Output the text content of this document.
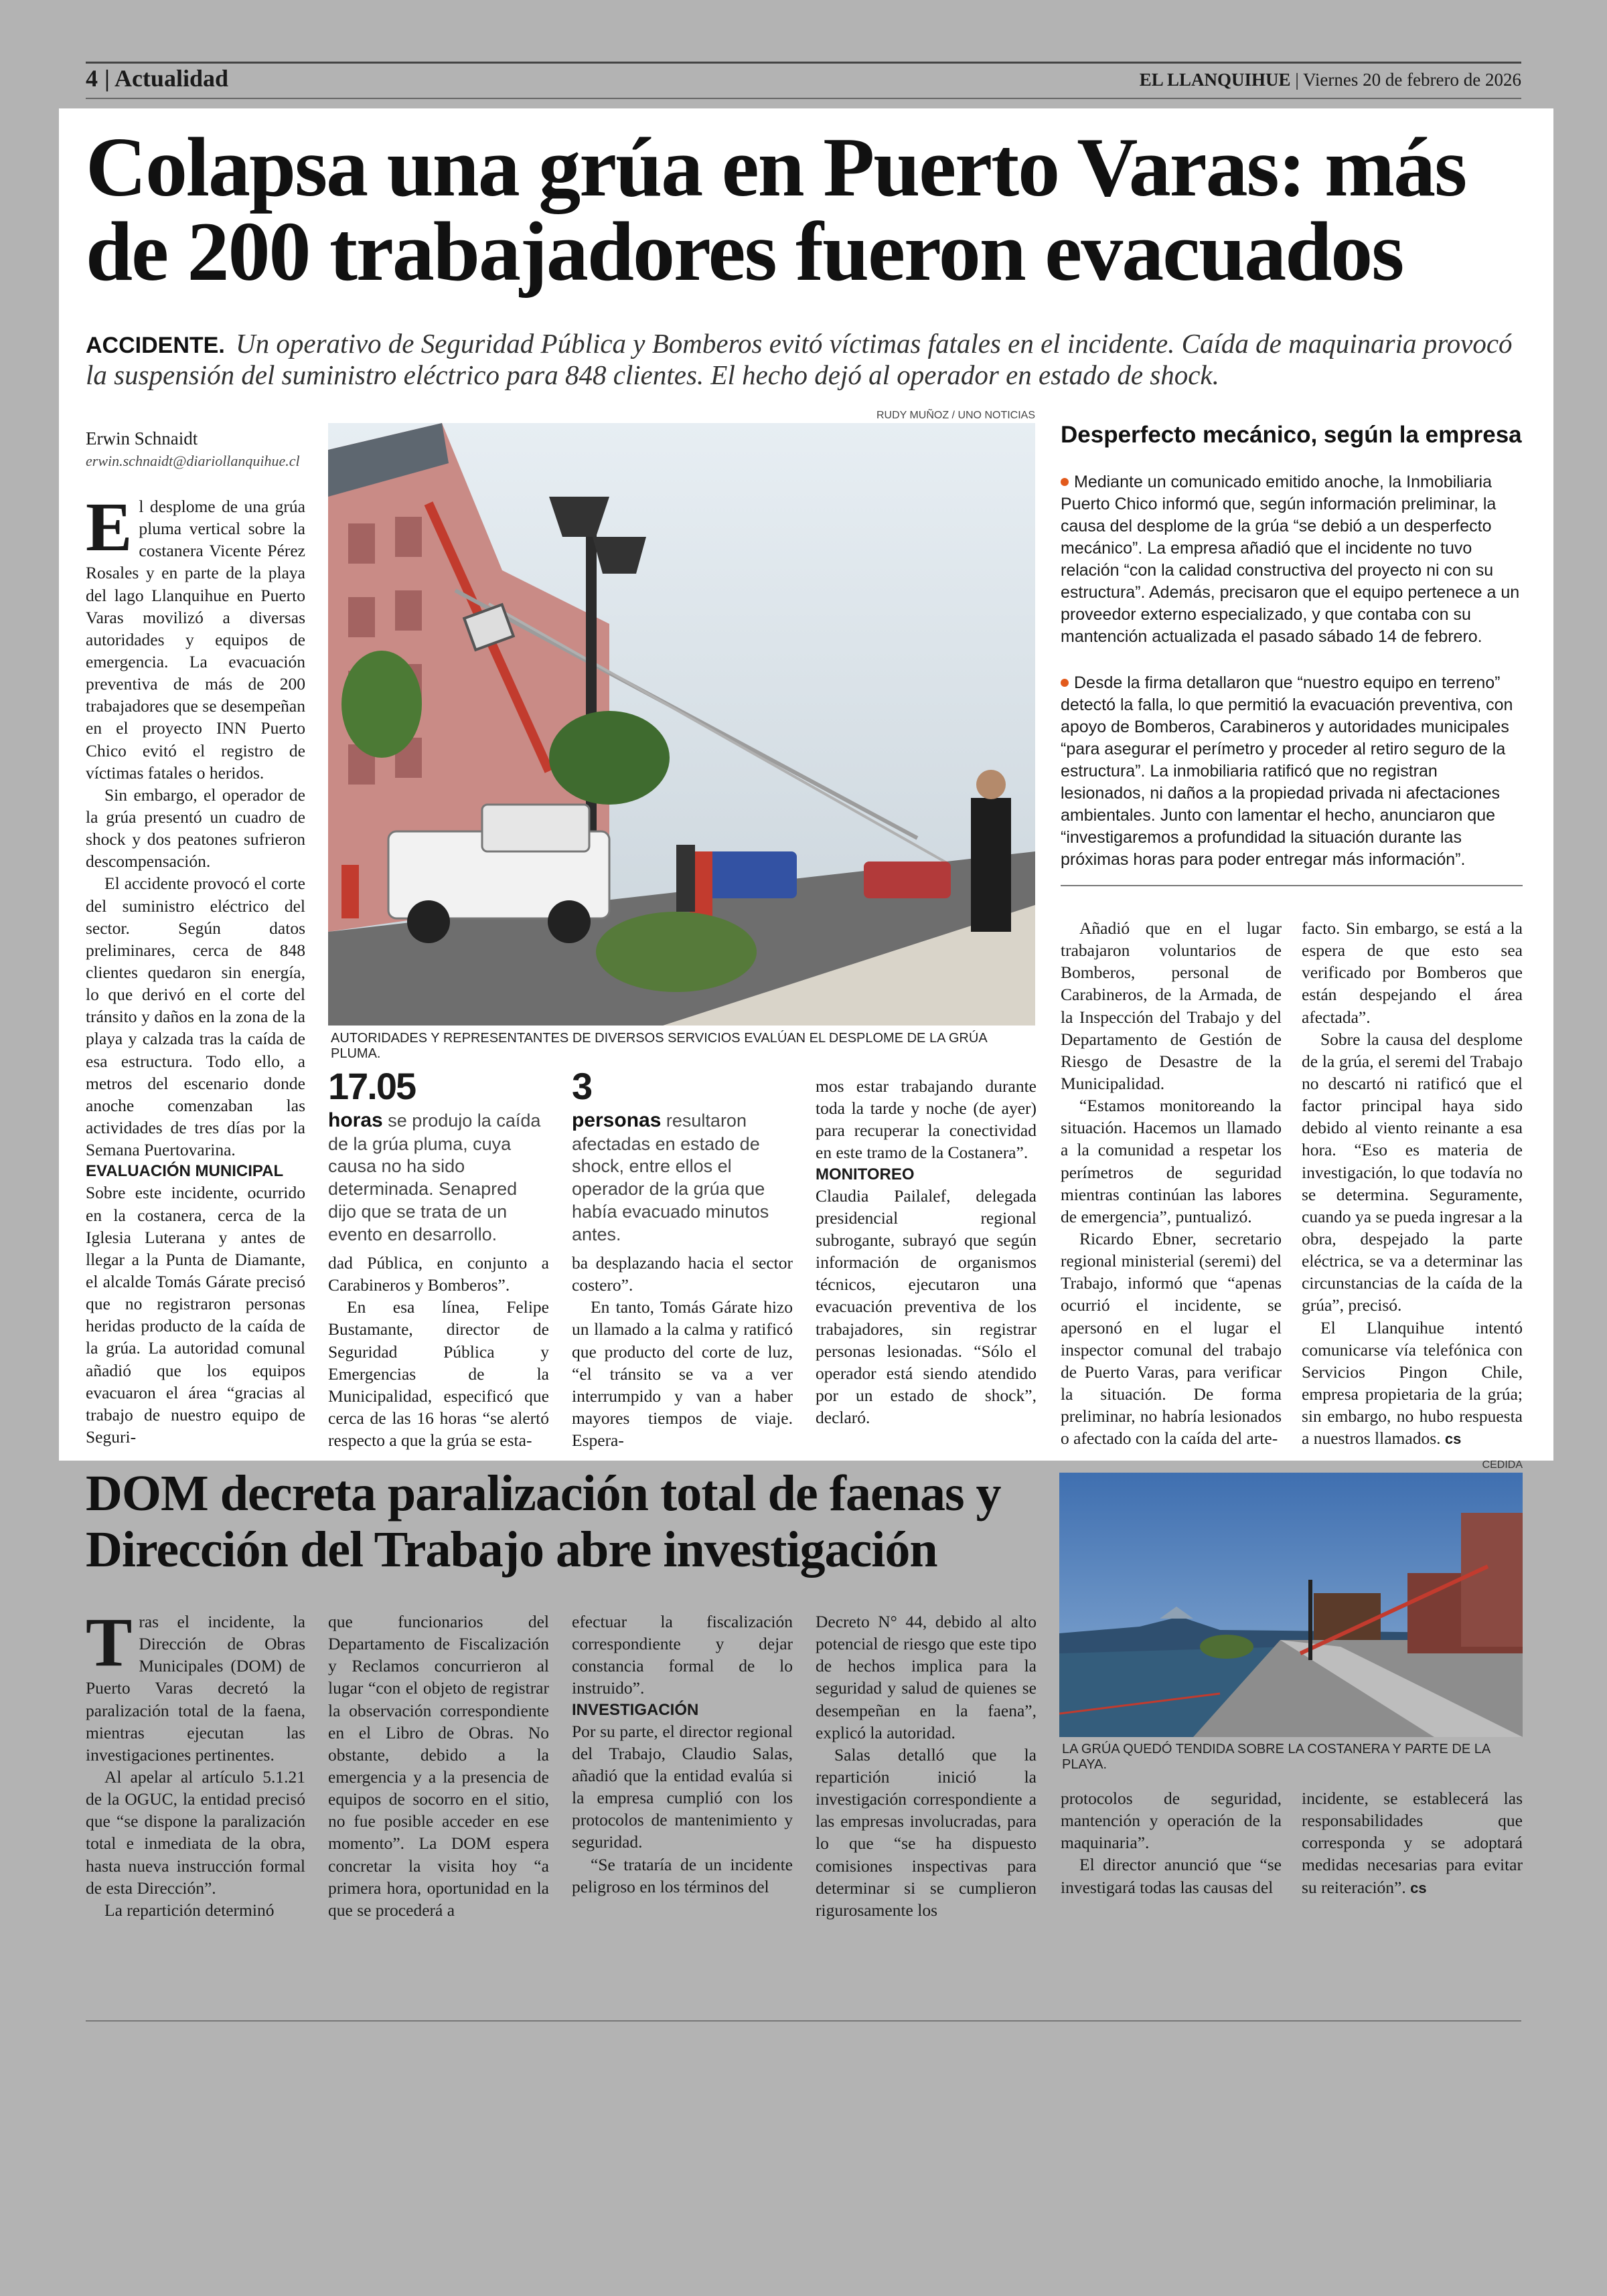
4 | Actualidad	EL LLANQUIHUE | Viernes 20 de febrero de 2026
Colapsa una grúa en Puerto Varas: más de 200 trabajadores fueron evacuados
ACCIDENTE. Un operativo de Seguridad Pública y Bomberos evitó víctimas fatales en el incidente. Caída de maquinaria provocó la suspensión del suministro eléctrico para 848 clientes. El hecho dejó al operador en estado de shock.
Erwin Schnaidt
erwin.schnaidt@diariollanquihue.cl

El desplome de una grúa pluma vertical sobre la costanera Vicente Pérez Rosales y en parte de la playa del lago Llanquihue en Puerto Varas movilizó a diversas autoridades y equipos de emergencia. La evacuación preventiva de más de 200 trabajadores que se desempeñan en el proyecto INN Puerto Chico evitó el registro de víctimas fatales o heridos.

Sin embargo, el operador de la grúa presentó un cuadro de shock y dos peatones sufrieron descompensación.

El accidente provocó el corte del suministro eléctrico del sector. Según datos preliminares, cerca de 848 clientes quedaron sin energía, lo que derivó en el corte del tránsito y daños en la zona de la playa y calzada tras la caída de esa estructura. Todo ello, a metros del escenario donde anoche comenzaban las actividades de tres días por la Semana Puertovarina.

EVALUACIÓN MUNICIPAL

Sobre este incidente, ocurrido en la costanera, cerca de la Iglesia Luterana y antes de llegar a la Punta de Diamante, el alcalde Tomás Gárate precisó que no registraron personas heridas producto de la caída de la grúa. La autoridad comunal añadió que los equipos evacuaron el área “gracias al trabajo de nuestro equipo de Seguri-

RUDY MUÑOZ / UNO NOTICIAS
AUTORIDADES Y REPRESENTANTES DE DIVERSOS SERVICIOS EVALÚAN EL DESPLOME DE LA GRÚA PLUMA.
17.05
horas se produjo la caída de la grúa pluma, cuya causa no ha sido determinada. Senapred dijo que se trata de un evento en desarrollo.
3
personas resultaron afectadas en estado de shock, entre ellos el operador de la grúa que había evacuado minutos antes.

dad Pública, en conjunto a Carabineros y Bomberos”.

En esa línea, Felipe Bustamante, director de Seguridad Pública y Emergencias de la Municipalidad, especificó que cerca de las 16 horas “se alertó respecto a que la grúa se esta-

ba desplazando hacia el sector costero”.

En tanto, Tomás Gárate hizo un llamado a la calma y ratificó que producto del corte de luz, “el tránsito se va a ver interrumpido y van a haber mayores tiempos de viaje. Espera-

mos estar trabajando durante toda la tarde y noche (de ayer) para recuperar la conectividad en este tramo de la Costanera”.

MONITOREO

Claudia Pailalef, delegada presidencial regional subrogante, subrayó que según información de organismos técnicos, ejecutaron una evacuación preventiva de los trabajadores, sin registrar personas lesionadas. “Sólo el operador está siendo atendido por un estado de shock”, declaró.

Desperfecto mecánico, según la empresa
Mediante un comunicado emitido anoche, la Inmobiliaria Puerto Chico informó que, según información preliminar, la causa del desplome de la grúa “se debió a un desperfecto mecánico”. La empresa añadió que el incidente no tuvo relación “con la calidad constructiva del proyecto ni con su estructura”. Además, precisaron que el equipo pertenece a un proveedor externo especializado, y que contaba con su mantención actualizada el pasado sábado 14 de febrero.
Desde la firma detallaron que “nuestro equipo en terreno” detectó la falla, lo que permitió la evacuación preventiva, con apoyo de Bomberos, Carabineros y autoridades municipales “para asegurar el perímetro y proceder al retiro seguro de la estructura”. La inmobiliaria ratificó que no registran lesionados, ni daños a la propiedad privada ni afectaciones ambientales. Junto con lamentar el hecho, anunciaron que “investigaremos a profundidad la situación durante las próximas horas para poder entregar más información”.

Añadió que en el lugar trabajaron voluntarios de Bomberos, personal de Carabineros, de la Armada, de la Inspección del Trabajo y del Departamento de Gestión de Riesgo de Desastre de la Municipalidad.

“Estamos monitoreando la situación. Hacemos un llamado a la comunidad a respetar los perímetros de seguridad mientras continúan las labores de emergencia”, puntualizó.

Ricardo Ebner, secretario regional ministerial (seremi) del Trabajo, informó que “apenas ocurrió el incidente, se apersonó en el lugar el inspector comunal del trabajo de Puerto Varas, para verificar la situación. De forma preliminar, no habría lesionados o afectado con la caída del arte-

facto. Sin embargo, se está a la espera de que esto sea verificado por Bomberos que están despejando el área afectada”.

Sobre la causa del desplome de la grúa, el seremi del Trabajo no descartó ni ratificó que el factor principal haya sido debido al viento reinante a esa hora. “Eso es materia de investigación, lo que todavía no se determina. Seguramente, cuando ya se pueda ingresar a la obra, despejado la parte eléctrica, se va a determinar las circunstancias de la caída de la grúa”, precisó.

El Llanquihue intentó comunicarse vía telefónica con Servicios Pingon Chile, empresa propietaria de la grúa; sin embargo, no hubo respuesta a nuestros llamados. cs

DOM decreta paralización total de faenas y Dirección del Trabajo abre investigación
CEDIDA
LA GRÚA QUEDÓ TENDIDA SOBRE LA COSTANERA Y PARTE DE LA PLAYA.

Tras el incidente, la Dirección de Obras Municipales (DOM) de Puerto Varas decretó la paralización total de la faena, mientras ejecutan las investigaciones pertinentes.

Al apelar al artículo 5.1.21 de la OGUC, la entidad precisó que “se dispone la paralización total e inmediata de la obra, hasta nueva instrucción formal de esta Dirección”.

La repartición determinó

que funcionarios del Departamento de Fiscalización y Reclamos concurrieron al lugar “con el objeto de registrar la observación correspondiente en el Libro de Obras. No obstante, debido a la emergencia y a la presencia de equipos de socorro en el sitio, no fue posible acceder en ese momento”. La DOM espera concretar la visita hoy “a primera hora, oportunidad en la que se procederá a

efectuar la fiscalización correspondiente y dejar constancia formal de lo instruido”.

INVESTIGACIÓN

Por su parte, el director regional del Trabajo, Claudio Salas, añadió que la entidad evalúa si la empresa cumplió con los protocolos de mantenimiento y seguridad.

“Se trataría de un incidente peligroso en los términos del

Decreto N° 44, debido al alto potencial de riesgo que este tipo de hechos implica para la seguridad y salud de quienes se desempeñan en la faena”, explicó la autoridad.

Salas detalló que la repartición inició la investigación correspondiente a las empresas involucradas, para lo que “se ha dispuesto comisiones inspectivas para determinar si se cumplieron rigurosamente los

protocolos de seguridad, mantención y operación de la maquinaria”.

El director anunció que “se investigará todas las causas del

incidente, se establecerá las responsabilidades que corresponda y se adoptará medidas necesarias para evitar su reiteración”. cs
